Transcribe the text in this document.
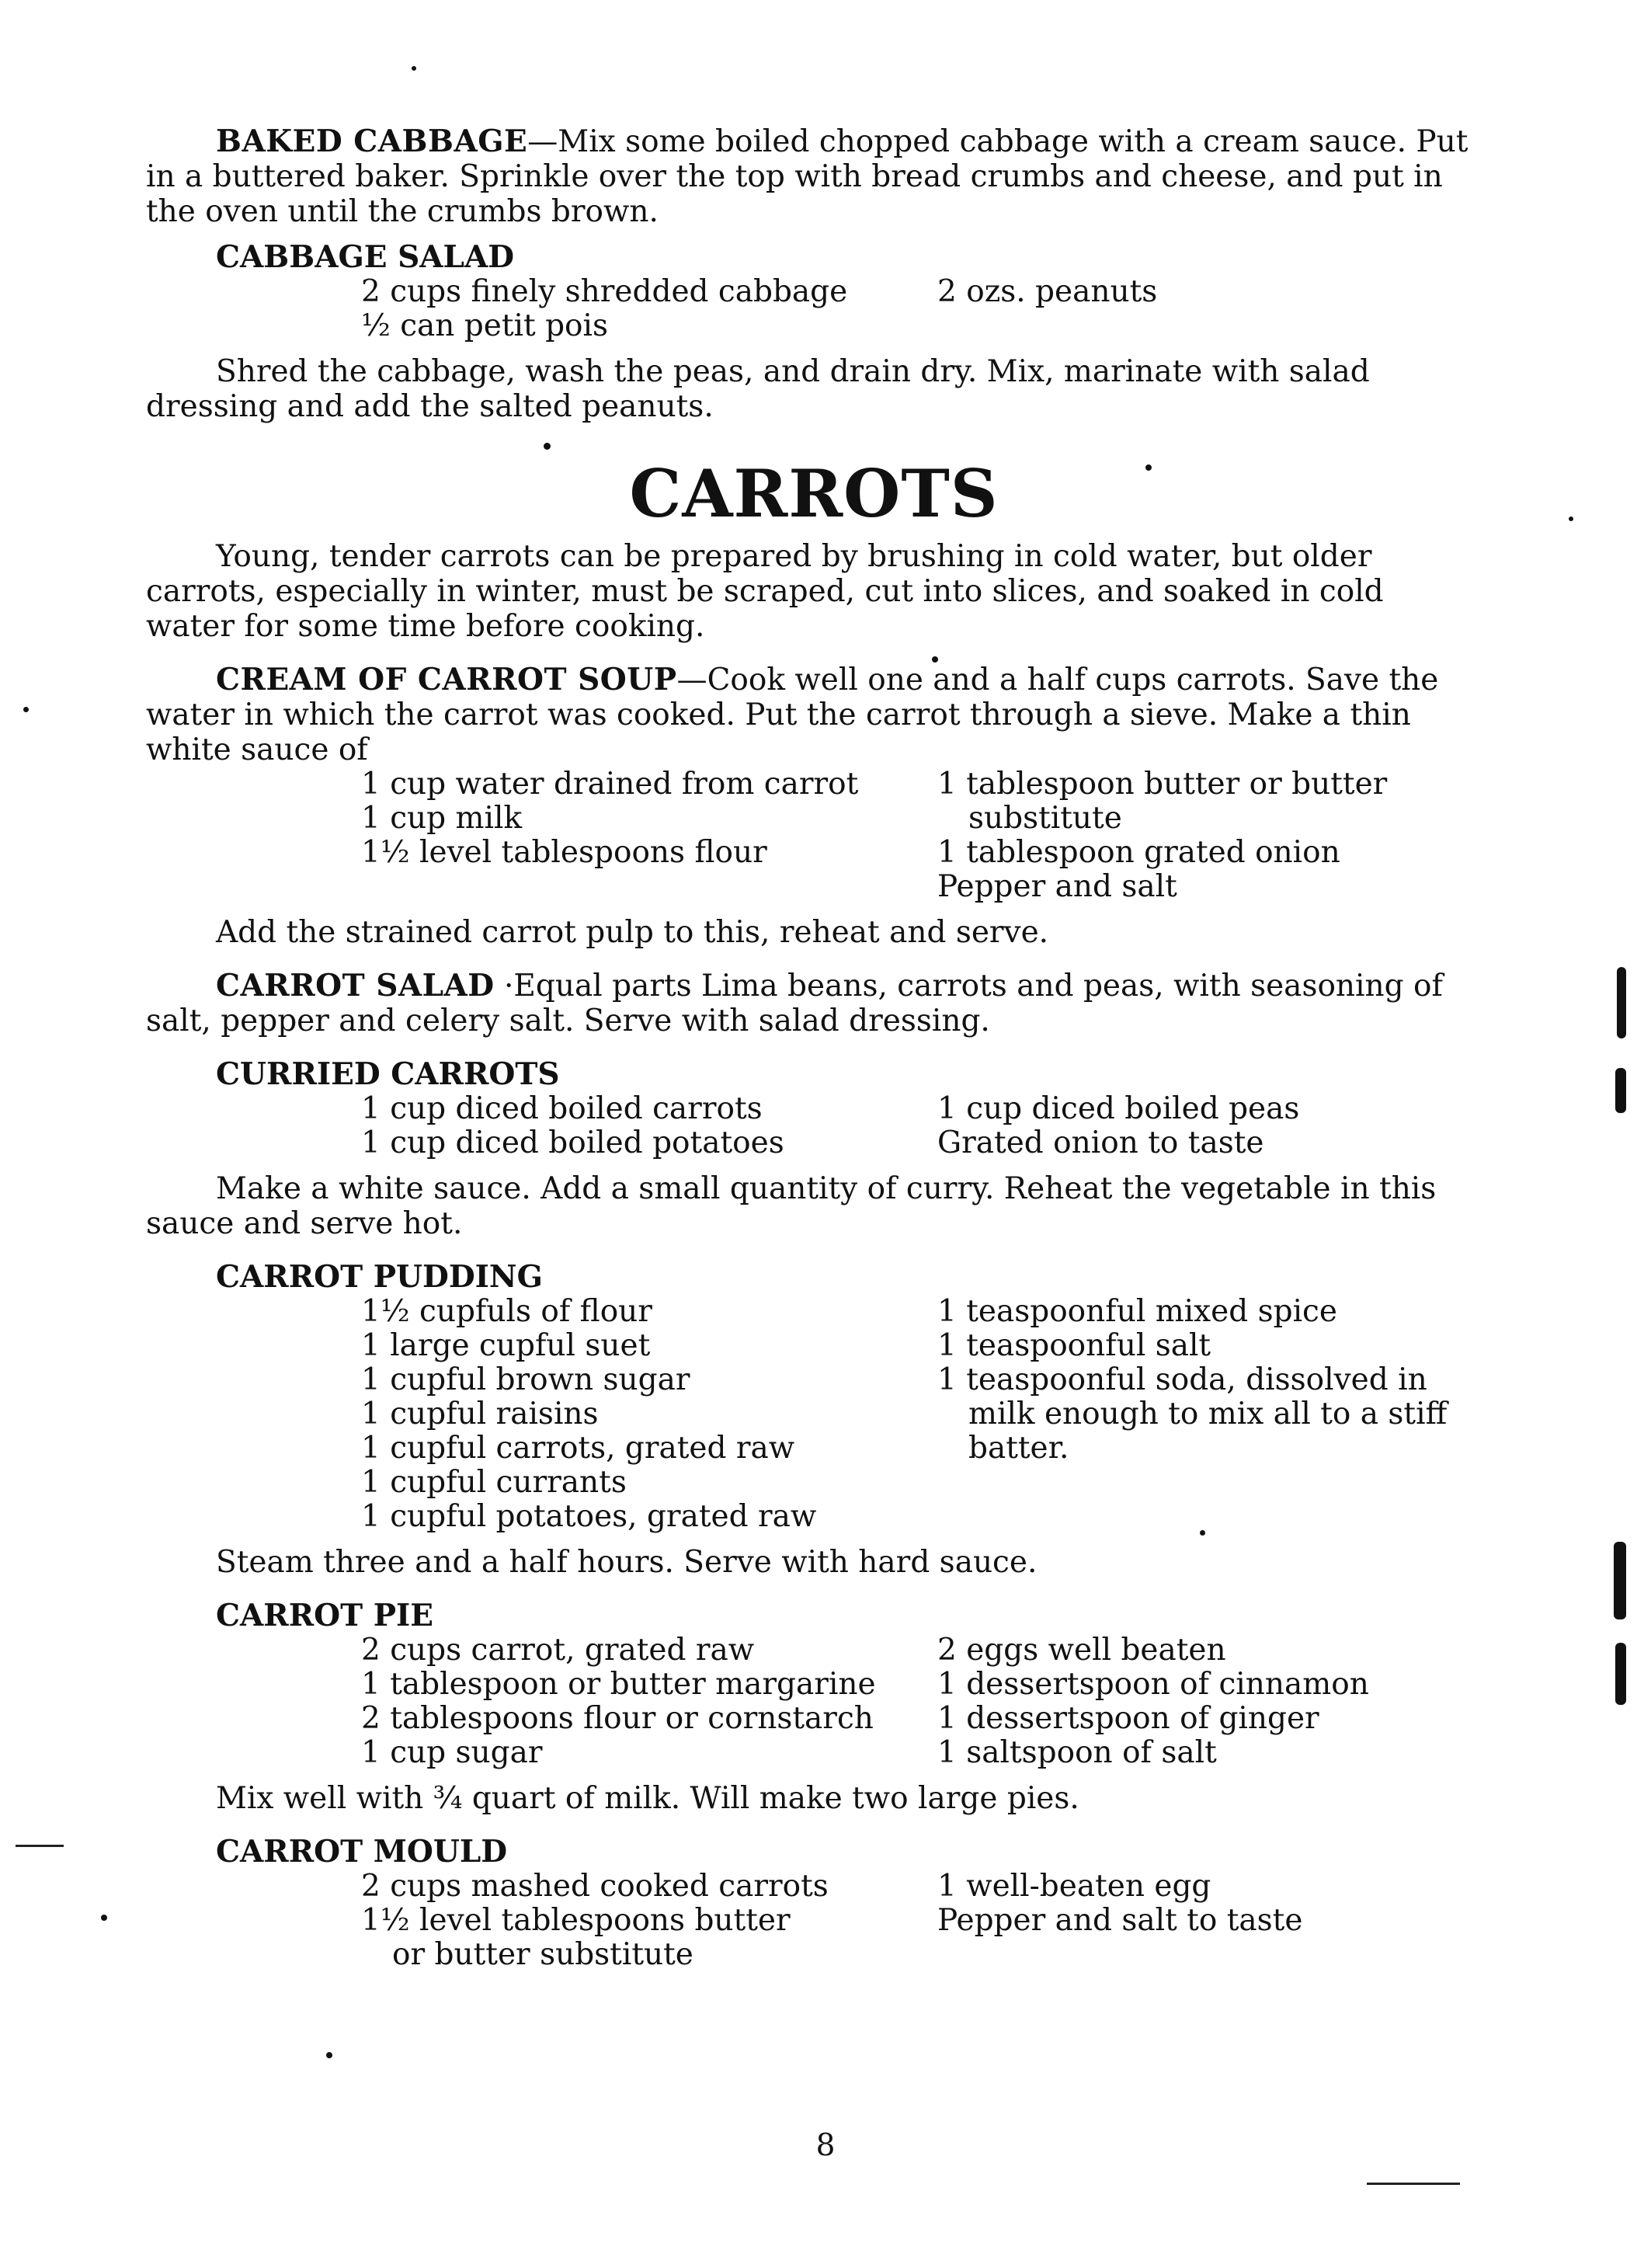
BAKED CABBAGE—Mix some boiled chopped cabbage with a cream sauce. Put in a buttered baker. Sprinkle over the top with bread crumbs and cheese, and put in the oven until the crumbs brown.

CABBAGE SALAD

2 cups finely shredded cabbage
½ can petit pois
2 ozs. peanuts

Shred the cabbage, wash the peas, and drain dry. Mix, marinate with salad dressing and add the salted peanuts.

CARROTS

Young, tender carrots can be prepared by brushing in cold water, but older carrots, especially in winter, must be scraped, cut into slices, and soaked in cold water for some time before cooking.

CREAM OF CARROT SOUP—Cook well one and a half cups carrots. Save the water in which the carrot was cooked. Put the carrot through a sieve. Make a thin white sauce of

1 cup water drained from carrot
1 cup milk
1½ level tablespoons flour
1 tablespoon butter or butter substitute
1 tablespoon grated onion
Pepper and salt

Add the strained carrot pulp to this, reheat and serve.

CARROT SALAD ·Equal parts Lima beans, carrots and peas, with seasoning of salt, pepper and celery salt. Serve with salad dressing.

CURRIED CARROTS

1 cup diced boiled carrots
1 cup diced boiled potatoes
1 cup diced boiled peas
Grated onion to taste

Make a white sauce. Add a small quantity of curry. Reheat the vegetable in this sauce and serve hot.

CARROT PUDDING

1½ cupfuls of flour
1 large cupful suet
1 cupful brown sugar
1 cupful raisins
1 cupful carrots, grated raw
1 cupful currants
1 cupful potatoes, grated raw
1 teaspoonful mixed spice
1 teaspoonful salt
1 teaspoonful soda, dissolved in milk enough to mix all to a stiff batter.

Steam three and a half hours. Serve with hard sauce.

CARROT PIE

2 cups carrot, grated raw
1 tablespoon or butter margarine
2 tablespoons flour or cornstarch
1 cup sugar
2 eggs well beaten
1 dessertspoon of cinnamon
1 dessertspoon of ginger
1 saltspoon of salt

Mix well with ¾ quart of milk. Will make two large pies.

CARROT MOULD

2 cups mashed cooked carrots
1½ level tablespoons butter
or butter substitute
1 well-beaten egg
Pepper and salt to taste
8
